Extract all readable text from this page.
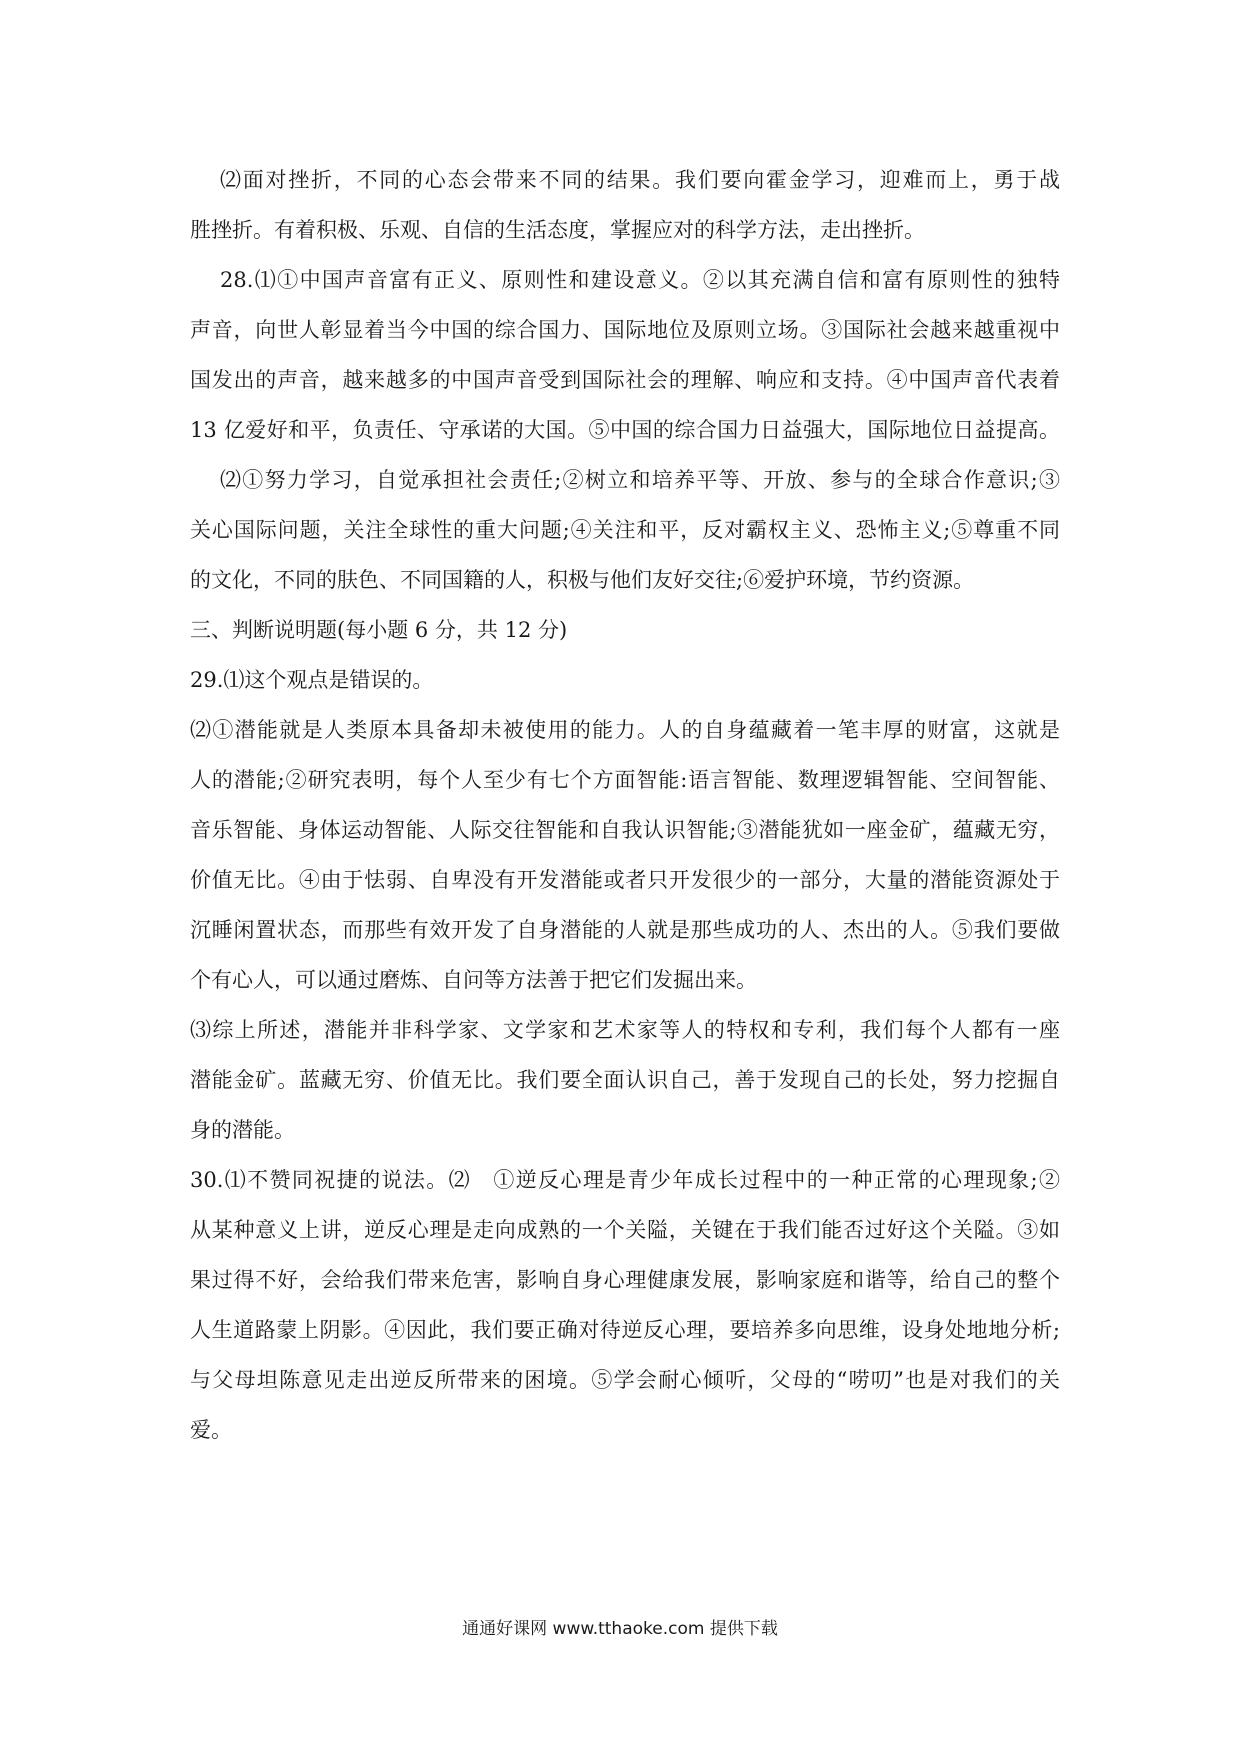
⑵面对挫折，不同的心态会带来不同的结果。我们要向霍金学习，迎难而上，勇于战
胜挫折。有着积极、乐观、自信的生活态度，掌握应对的科学方法，走出挫折。
28.⑴①中国声音富有正义、原则性和建设意义。②以其充满自信和富有原则性的独特
声音，向世人彰显着当今中国的综合国力、国际地位及原则立场。③国际社会越来越重视中
国发出的声音，越来越多的中国声音受到国际社会的理解、响应和支持。④中国声音代表着
13 亿爱好和平，负责任、守承诺的大国。⑤中国的综合国力日益强大，国际地位日益提高。
⑵①努力学习，自觉承担社会责任;②树立和培养平等、开放、参与的全球合作意识;③
关心国际问题，关注全球性的重大问题;④关注和平，反对霸权主义、恐怖主义;⑤尊重不同
的文化，不同的肤色、不同国籍的人，积极与他们友好交往;⑥爱护环境，节约资源。
三、判断说明题(每小题 6 分，共 12 分)
29.⑴这个观点是错误的。
⑵①潜能就是人类原本具备却未被使用的能力。人的自身蕴藏着一笔丰厚的财富，这就是
人的潜能;②研究表明，每个人至少有七个方面智能:语言智能、数理逻辑智能、空间智能、
音乐智能、身体运动智能、人际交往智能和自我认识智能;③潜能犹如一座金矿，蕴藏无穷，
价值无比。④由于怯弱、自卑没有开发潜能或者只开发很少的一部分，大量的潜能资源处于
沉睡闲置状态，而那些有效开发了自身潜能的人就是那些成功的人、杰出的人。⑤我们要做
个有心人，可以通过磨炼、自问等方法善于把它们发掘出来。
⑶综上所述，潜能并非科学家、文学家和艺术家等人的特权和专利，我们每个人都有一座
潜能金矿。蓝藏无穷、价值无比。我们要全面认识自己，善于发现自己的长处，努力挖掘自
身的潜能。
30.⑴不赞同祝捷的说法。⑵　①逆反心理是青少年成长过程中的一种正常的心理现象;②
从某种意义上讲，逆反心理是走向成熟的一个关隘，关键在于我们能否过好这个关隘。③如
果过得不好，会给我们带来危害，影响自身心理健康发展，影响家庭和谐等，给自己的整个
人生道路蒙上阴影。④因此，我们要正确对待逆反心理，要培养多向思维，设身处地地分析;
与父母坦陈意见走出逆反所带来的困境。⑤学会耐心倾听，父母的“唠叨”也是对我们的关
爱。
通通好课网 www.tthaoke.com 提供下载
